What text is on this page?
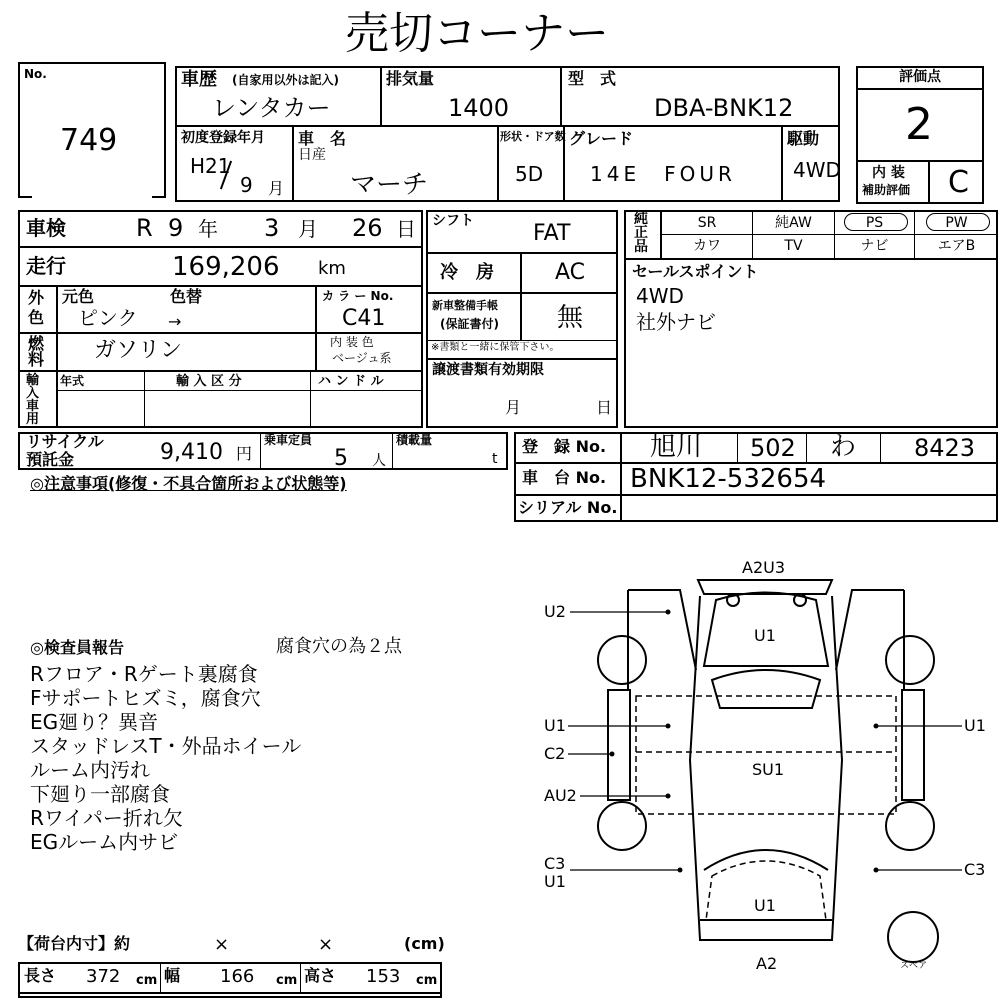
売切コーナー
No.
749
車歴 (自家用以外は記入)
レンタカー
排気量
1400
型　式
DBA-BNK12
初度登録年月
H21
9 月
車　名
日産
マーチ
形状・ドア数
5D
グレード
14E　FOUR
駆動
4WD
評価点
2
内 装
補助評価 C
車検	R 9 年 3 月 26 日
走行	169,206 km
外
色
元色	色替
ピンク →
カ ラ ー No.
C41
燃
料 ガソリン	内 装 色
ベージュ系
輸入車用
年式	輸 入 区 分	ハ ン ド ル
シフト	FAT
冷　房	AC
新車整備手帳
(保証書付) 無
※書類と一緒に保管下さい。
譲渡書類有効期限
月	日
純正品
SR	純AW	PS	PW
カワ	TV	ナビ	エアB
セールスポイント
4WD
社外ナビ
リサイクル
預託金	9,410 円
乗車定員
5 人
積載量
t
◎注意事項(修復・不具合箇所および状態等)
登　録 No. 旭川 502 わ 8423
車　台 No. BNK12-532654
シリアル No.
◎検査員報告	腐食穴の為２点
Rフロア・Rゲート裏腐食
Fサポートヒズミ，腐食穴
EG廻り？異音
スタッドレスT・外品ホイール
ルーム内汚れ
下廻り一部腐食
Rワイパー折れ欠
EGルーム内サビ
【荷台内寸】約	×	×	(cm)
長さ 372 cm 幅 166 cm 高さ 153 cm
A2U3
A2	スペア
U2
U1
C2
AU2
C3
U1
U1
C3
U1
SU1
U1
